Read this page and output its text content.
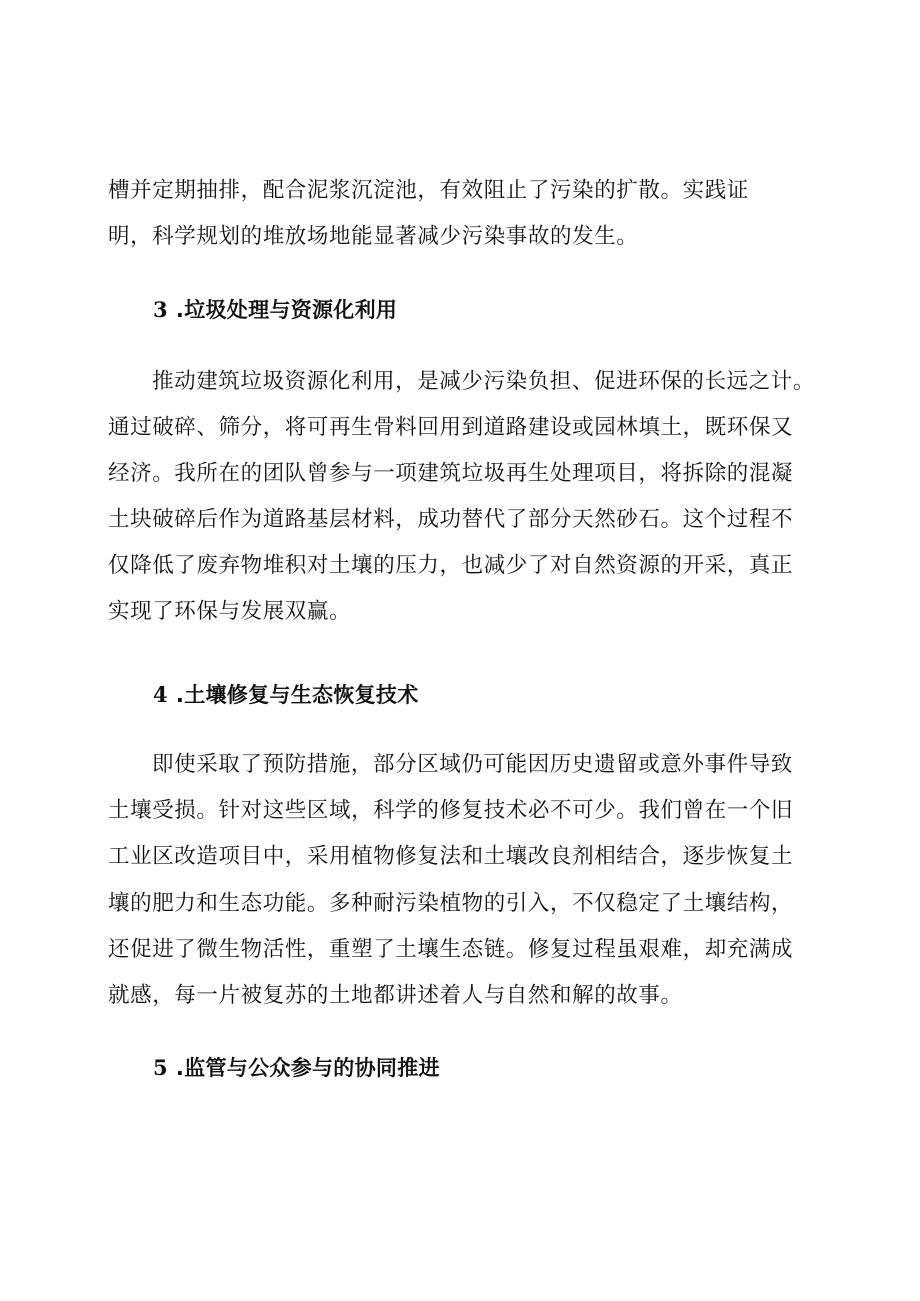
槽并定期抽排，配合泥浆沉淀池，有效阻止了污染的扩散。实践证

明，科学规划的堆放场地能显著减少污染事故的发生。

3 .垃圾处理与资源化利用

推动建筑垃圾资源化利用，是减少污染负担、促进环保的长远之计。

通过破碎、筛分，将可再生骨料回用到道路建设或园林填土，既环保又

经济。我所在的团队曾参与一项建筑垃圾再生处理项目，将拆除的混凝

土块破碎后作为道路基层材料，成功替代了部分天然砂石。这个过程不

仅降低了废弃物堆积对土壤的压力，也减少了对自然资源的开采，真正

实现了环保与发展双赢。

4 .土壤修复与生态恢复技术

即使采取了预防措施，部分区域仍可能因历史遗留或意外事件导致

土壤受损。针对这些区域，科学的修复技术必不可少。我们曾在一个旧

工业区改造项目中，采用植物修复法和土壤改良剂相结合，逐步恢复土

壤的肥力和生态功能。多种耐污染植物的引入，不仅稳定了土壤结构，

还促进了微生物活性，重塑了土壤生态链。修复过程虽艰难，却充满成

就感，每一片被复苏的土地都讲述着人与自然和解的故事。

5 .监管与公众参与的协同推进
